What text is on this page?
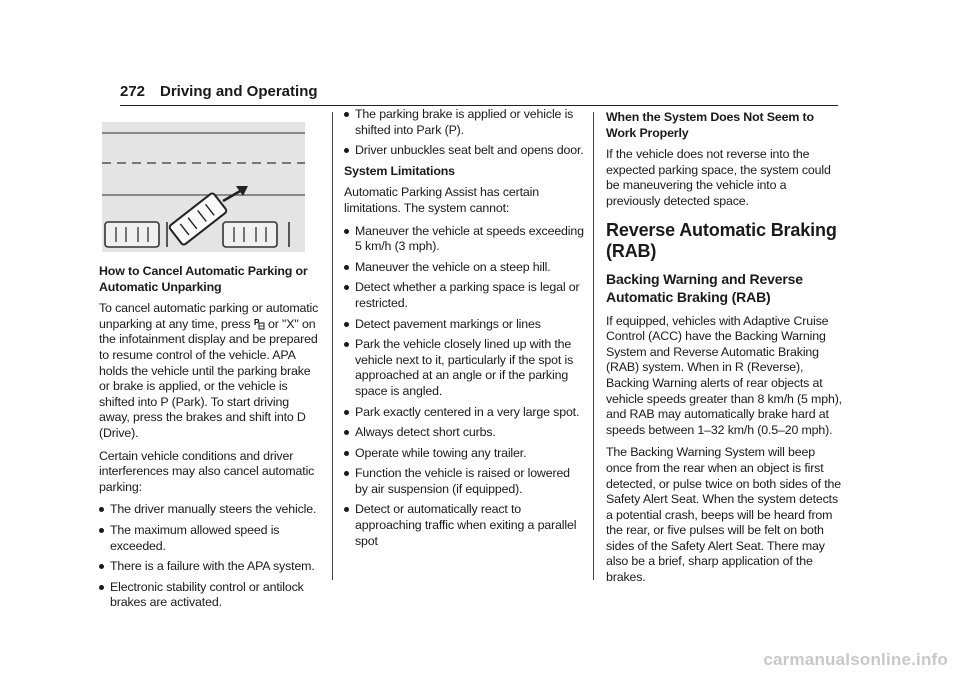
272 Driving and Operating
How to Cancel Automatic Parking or Automatic Unparking

To cancel automatic parking or automatic unparking at any time, press P or "X" on the infotainment display and be prepared to resume control of the vehicle. APA holds the vehicle until the parking brake or brake is applied, or the vehicle is shifted into P (Park). To start driving away, press the brakes and shift into D (Drive).

Certain vehicle conditions and driver interferences may also cancel automatic parking:

The driver manually steers the vehicle.
The maximum allowed speed is exceeded.
There is a failure with the APA system.
Electronic stability control or antilock brakes are activated.
The parking brake is applied or vehicle is shifted into Park (P).
Driver unbuckles seat belt and opens door.
System Limitations

Automatic Parking Assist has certain limitations. The system cannot:

Maneuver the vehicle at speeds exceeding 5 km/h (3 mph).
Maneuver the vehicle on a steep hill.
Detect whether a parking space is legal or restricted.
Detect pavement markings or lines
Park the vehicle closely lined up with the vehicle next to it, particularly if the spot is approached at an angle or if the parking space is angled.
Park exactly centered in a very large spot.
Always detect short curbs.
Operate while towing any trailer.
Function the vehicle is raised or lowered by air suspension (if equipped).
Detect or automatically react to approaching traffic when exiting a parallel spot
When the System Does Not Seem to Work Properly

If the vehicle does not reverse into the expected parking space, the system could be maneuvering the vehicle into a previously detected space.

Reverse Automatic Braking (RAB)
Backing Warning and Reverse Automatic Braking (RAB)

If equipped, vehicles with Adaptive Cruise Control (ACC) have the Backing Warning System and Reverse Automatic Braking (RAB) system. When in R (Reverse), Backing Warning alerts of rear objects at vehicle speeds greater than 8 km/h (5 mph), and RAB may automatically brake hard at speeds between 1–32 km/h (0.5–20 mph).

The Backing Warning System will beep once from the rear when an object is first detected, or pulse twice on both sides of the Safety Alert Seat. When the system detects a potential crash, beeps will be heard from the rear, or five pulses will be felt on both sides of the Safety Alert Seat. There may also be a brief, sharp application of the brakes.

carmanualsonline.info
